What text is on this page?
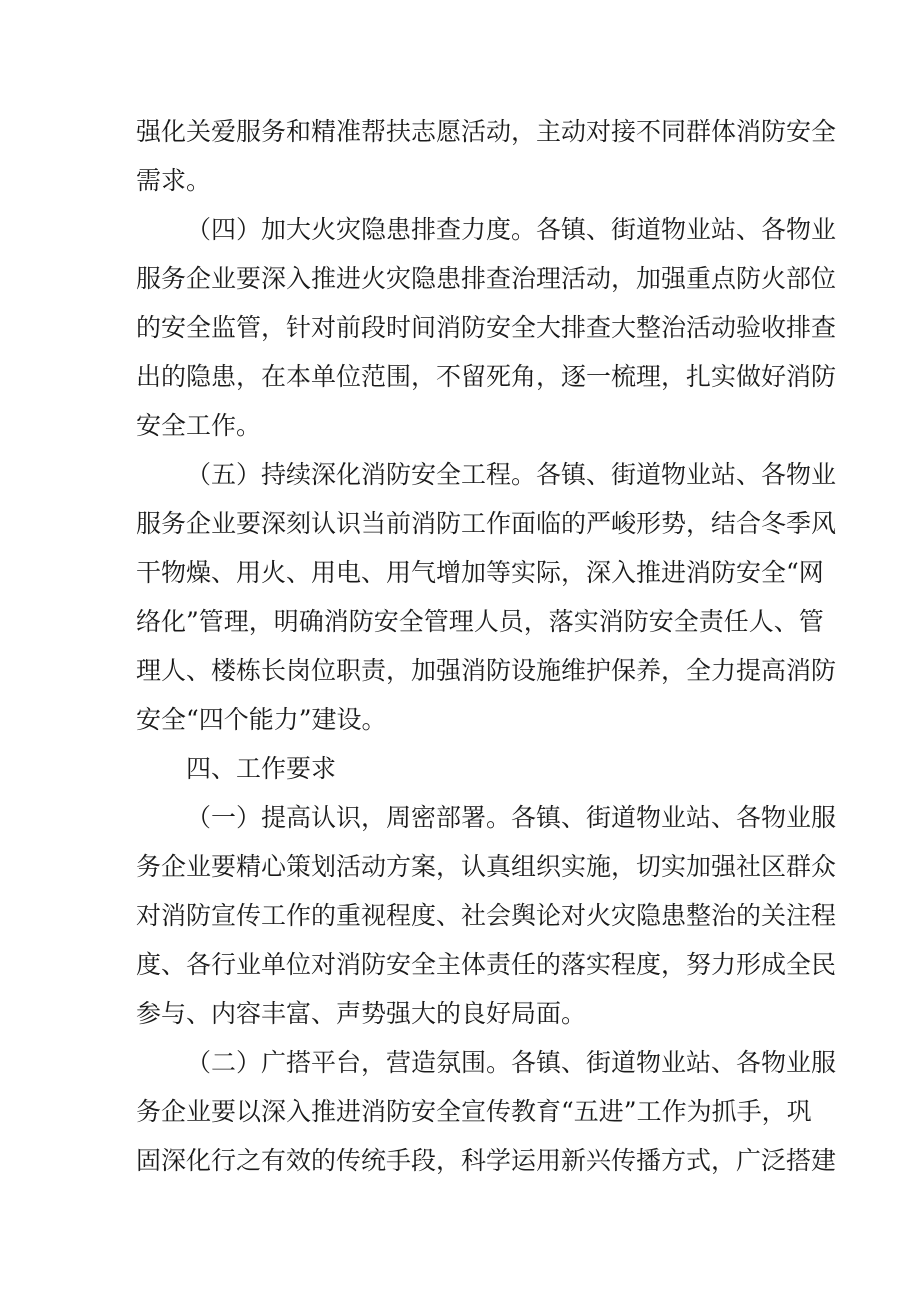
强化关爱服务和精准帮扶志愿活动，主动对接不同群体消防安全
需求。
（四）加大火灾隐患排查力度。各镇、街道物业站、各物业
服务企业要深入推进火灾隐患排查治理活动，加强重点防火部位
的安全监管，针对前段时间消防安全大排查大整治活动验收排查
出的隐患，在本单位范围，不留死角，逐一梳理，扎实做好消防
安全工作。
（五）持续深化消防安全工程。各镇、街道物业站、各物业
服务企业要深刻认识当前消防工作面临的严峻形势，结合冬季风
干物燥、用火、用电、用气增加等实际，深入推进消防安全“网
络化”管理，明确消防安全管理人员，落实消防安全责任人、管
理人、楼栋长岗位职责，加强消防设施维护保养，全力提高消防
安全“四个能力”建设。
四、工作要求
（一）提高认识，周密部署。各镇、街道物业站、各物业服
务企业要精心策划活动方案，认真组织实施，切实加强社区群众
对消防宣传工作的重视程度、社会舆论对火灾隐患整治的关注程
度、各行业单位对消防安全主体责任的落实程度，努力形成全民
参与、内容丰富、声势强大的良好局面。
（二）广搭平台，营造氛围。各镇、街道物业站、各物业服
务企业要以深入推进消防安全宣传教育“五进”工作为抓手，巩
固深化行之有效的传统手段，科学运用新兴传播方式，广泛搭建
